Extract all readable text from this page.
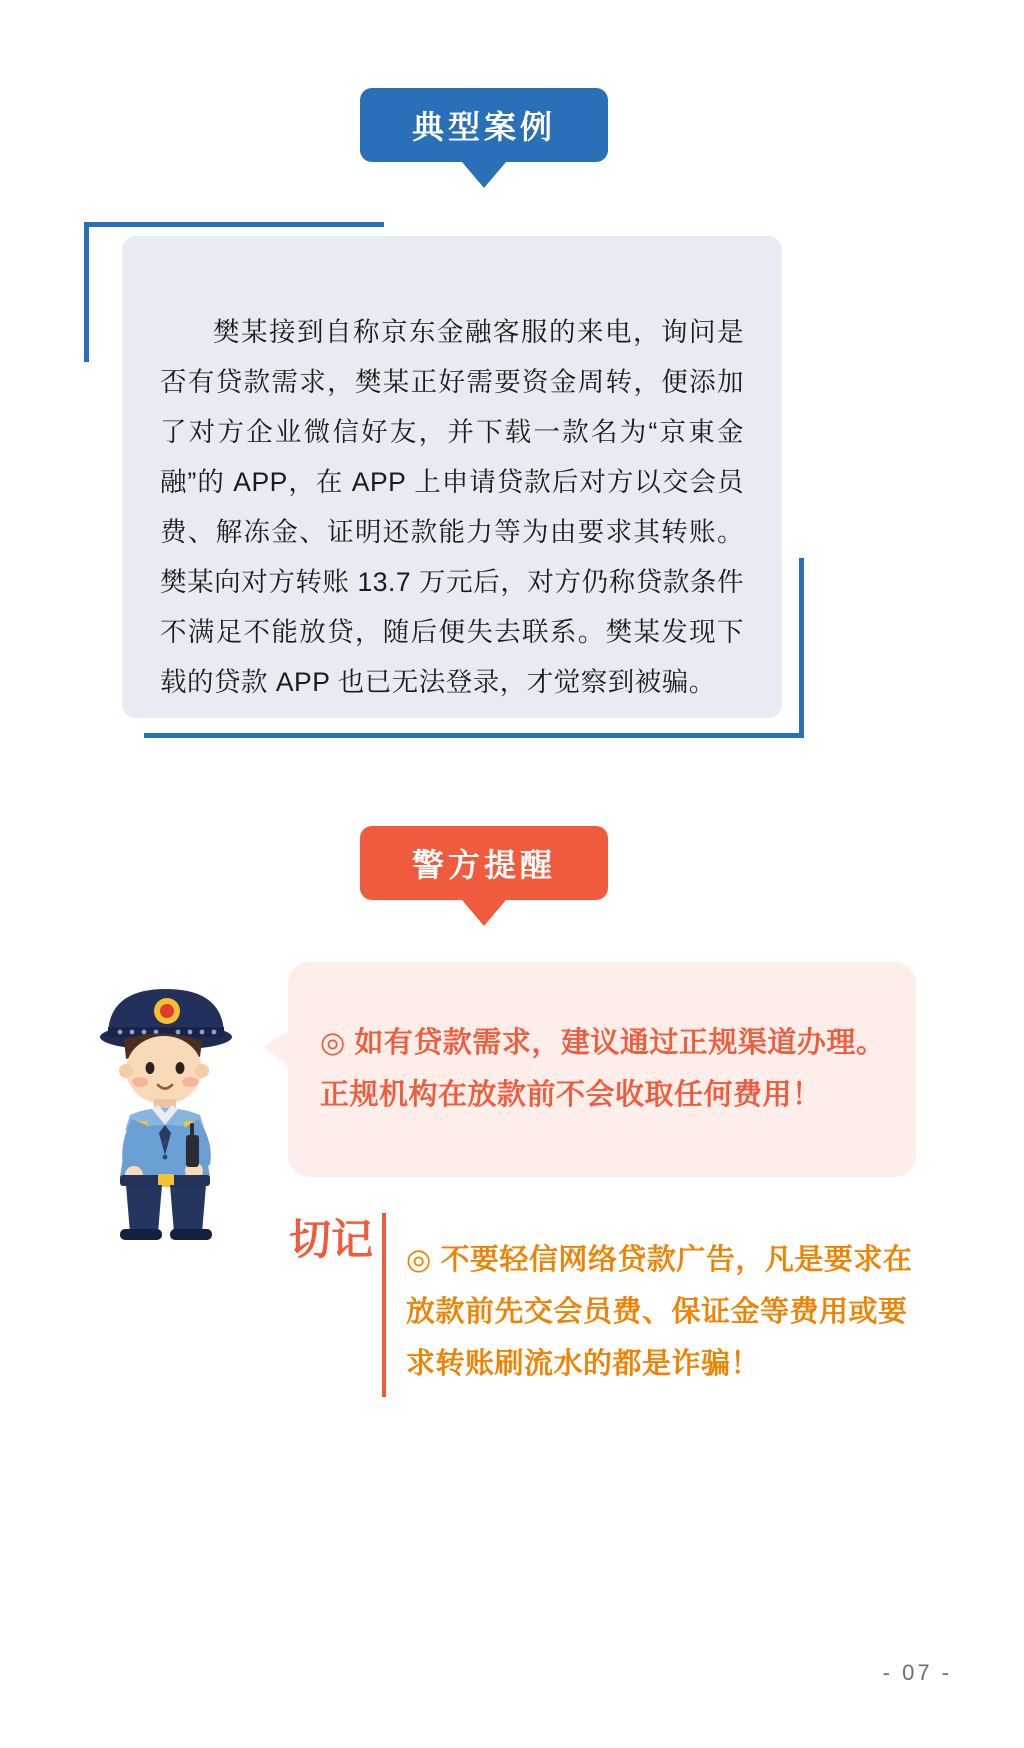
典型案例

樊某接到自称京东金融客服的来电，询问是否有贷款需求，樊某正好需要资金周转，便添加了对方企业微信好友，并下载一款名为“京東金融”的 APP，在 APP 上申请贷款后对方以交会员费、解冻金、证明还款能力等为由要求其转账。樊某向对方转账 13.7 万元后，对方仍称贷款条件不满足不能放贷，随后便失去联系。樊某发现下载的贷款 APP 也已无法登录，才觉察到被骗。

警方提醒

◎ 如有贷款需求，建议通过正规渠道办理。正规机构在放款前不会收取任何费用！

切记 ◎ 不要轻信网络贷款广告，凡是要求在放款前先交会员费、保证金等费用或要求转账刷流水的都是诈骗！

- 07 -
